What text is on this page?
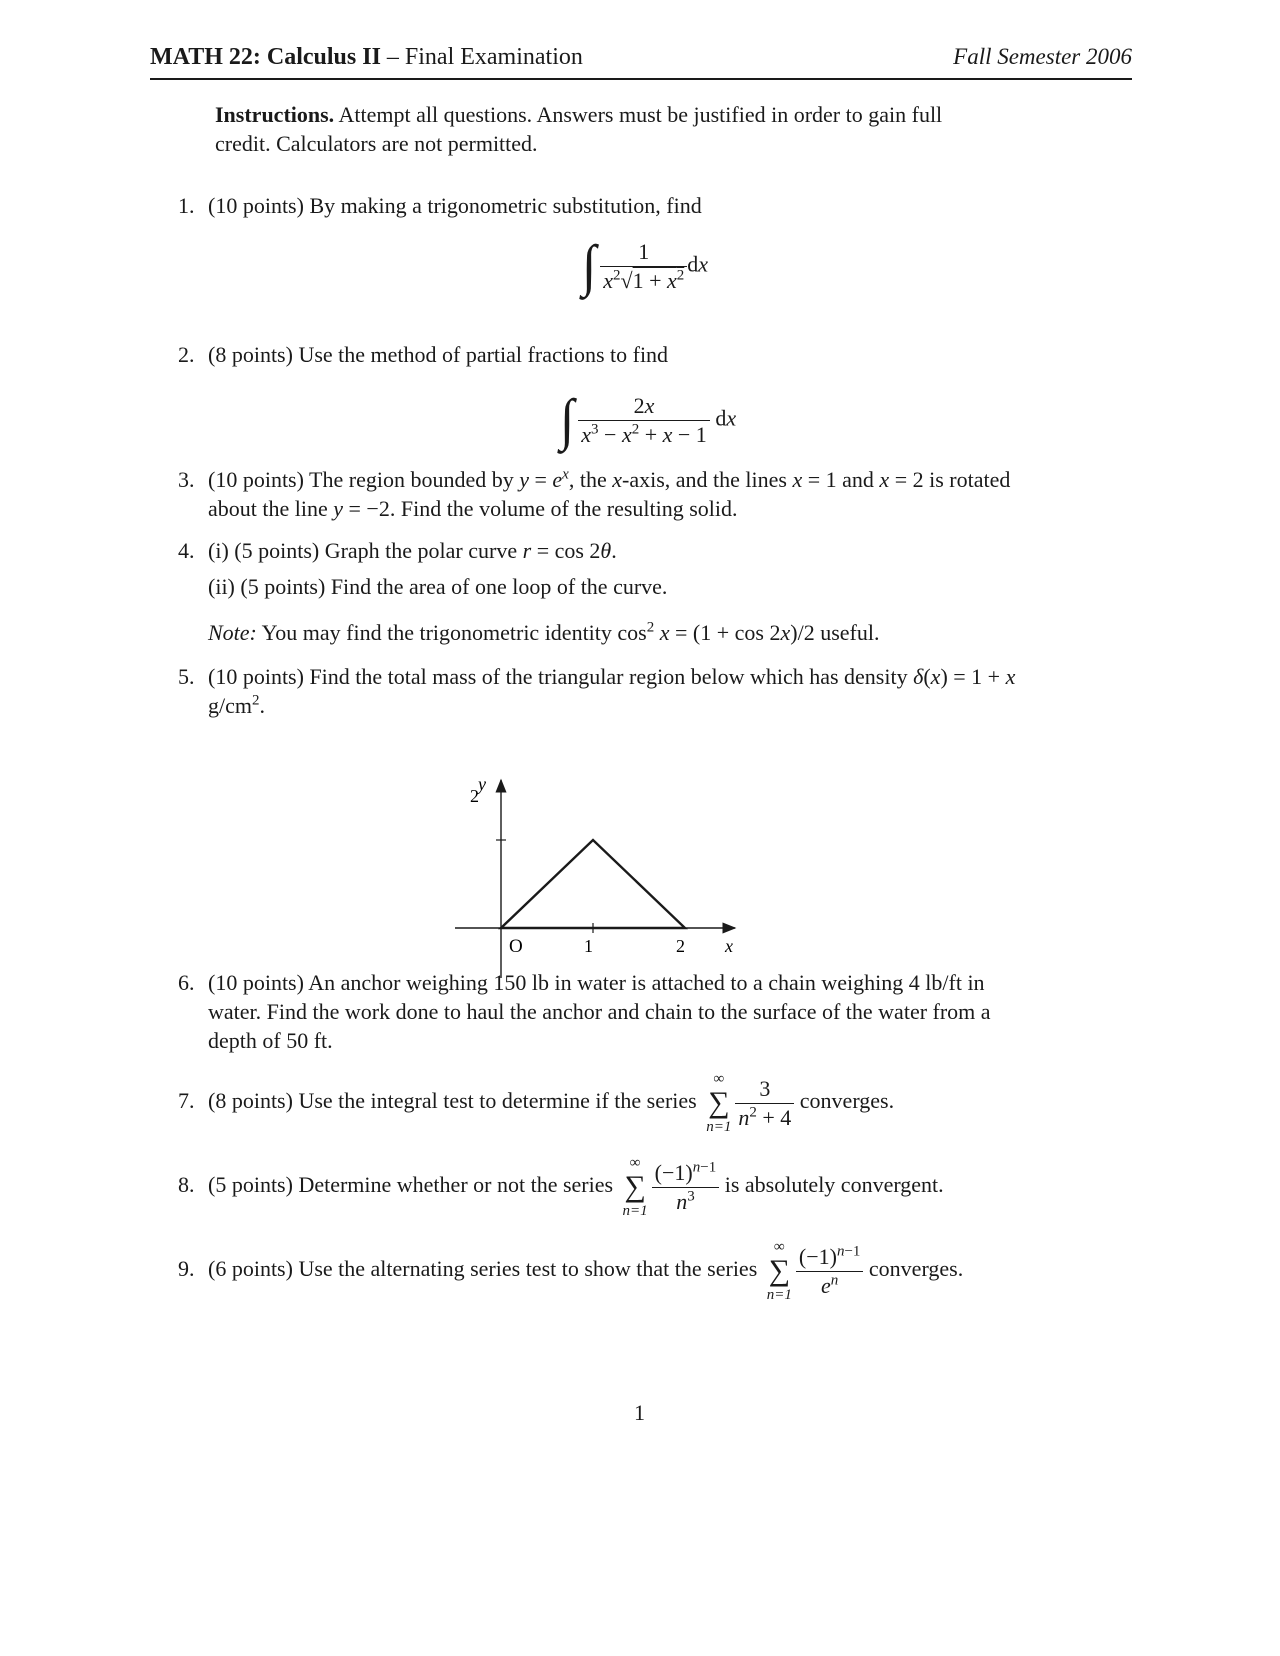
MATH 22: Calculus II – Final Examination	Fall Semester 2006
Instructions. Attempt all questions. Answers must be justified in order to gain full credit. Calculators are not permitted.
1. (10 points) By making a trigonometric substitution, find
∫ $\frac{1}{x^2√1 + x^2}$ dx
2. (8 points) Use the method of partial fractions to find
∫ $\frac{2x}{x^3 - x^2 + x - 1}$ dx
3. (10 points) The region bounded by $y = e^x$, the x-axis, and the lines x = 1 and x = 2 is rotated
about the line y = −2. Find the volume of the resulting solid.
4. (i) (5 points) Graph the polar curve r = cos 2θ.
(ii) (5 points) Find the area of one loop of the curve.
Note: You may find the trigonometric identity $\cos^2 x = (1 + \cos 2x)/2$ useful.
5. (10 points) Find the total mass of the triangular region below which has density δ(x) = 1 + x
$g/cm^2$.
y
2
O	1	2 x
6. (10 points) An anchor weighing 150 lb in water is attached to a chain weighing 4 lb/ft in
water. Find the work done to haul the anchor and chain to the surface of the water from a
depth of 50 ft.
7. (8 points) Use the integral test to determine if the series
∞
∑
$n=1 \frac{3}{n^2 + 4}$ converges.
8. (5 points) Determine whether or not the series
∞
∑
$n=1 \frac{(-1)^{n-1}}{n^3}$ is absolutely convergent.
9. (6 points) Use the alternating series test to show that the series
∞
∑
$n=1 \frac{(-1)^{n-1}}{e^n}$ converges.
1
